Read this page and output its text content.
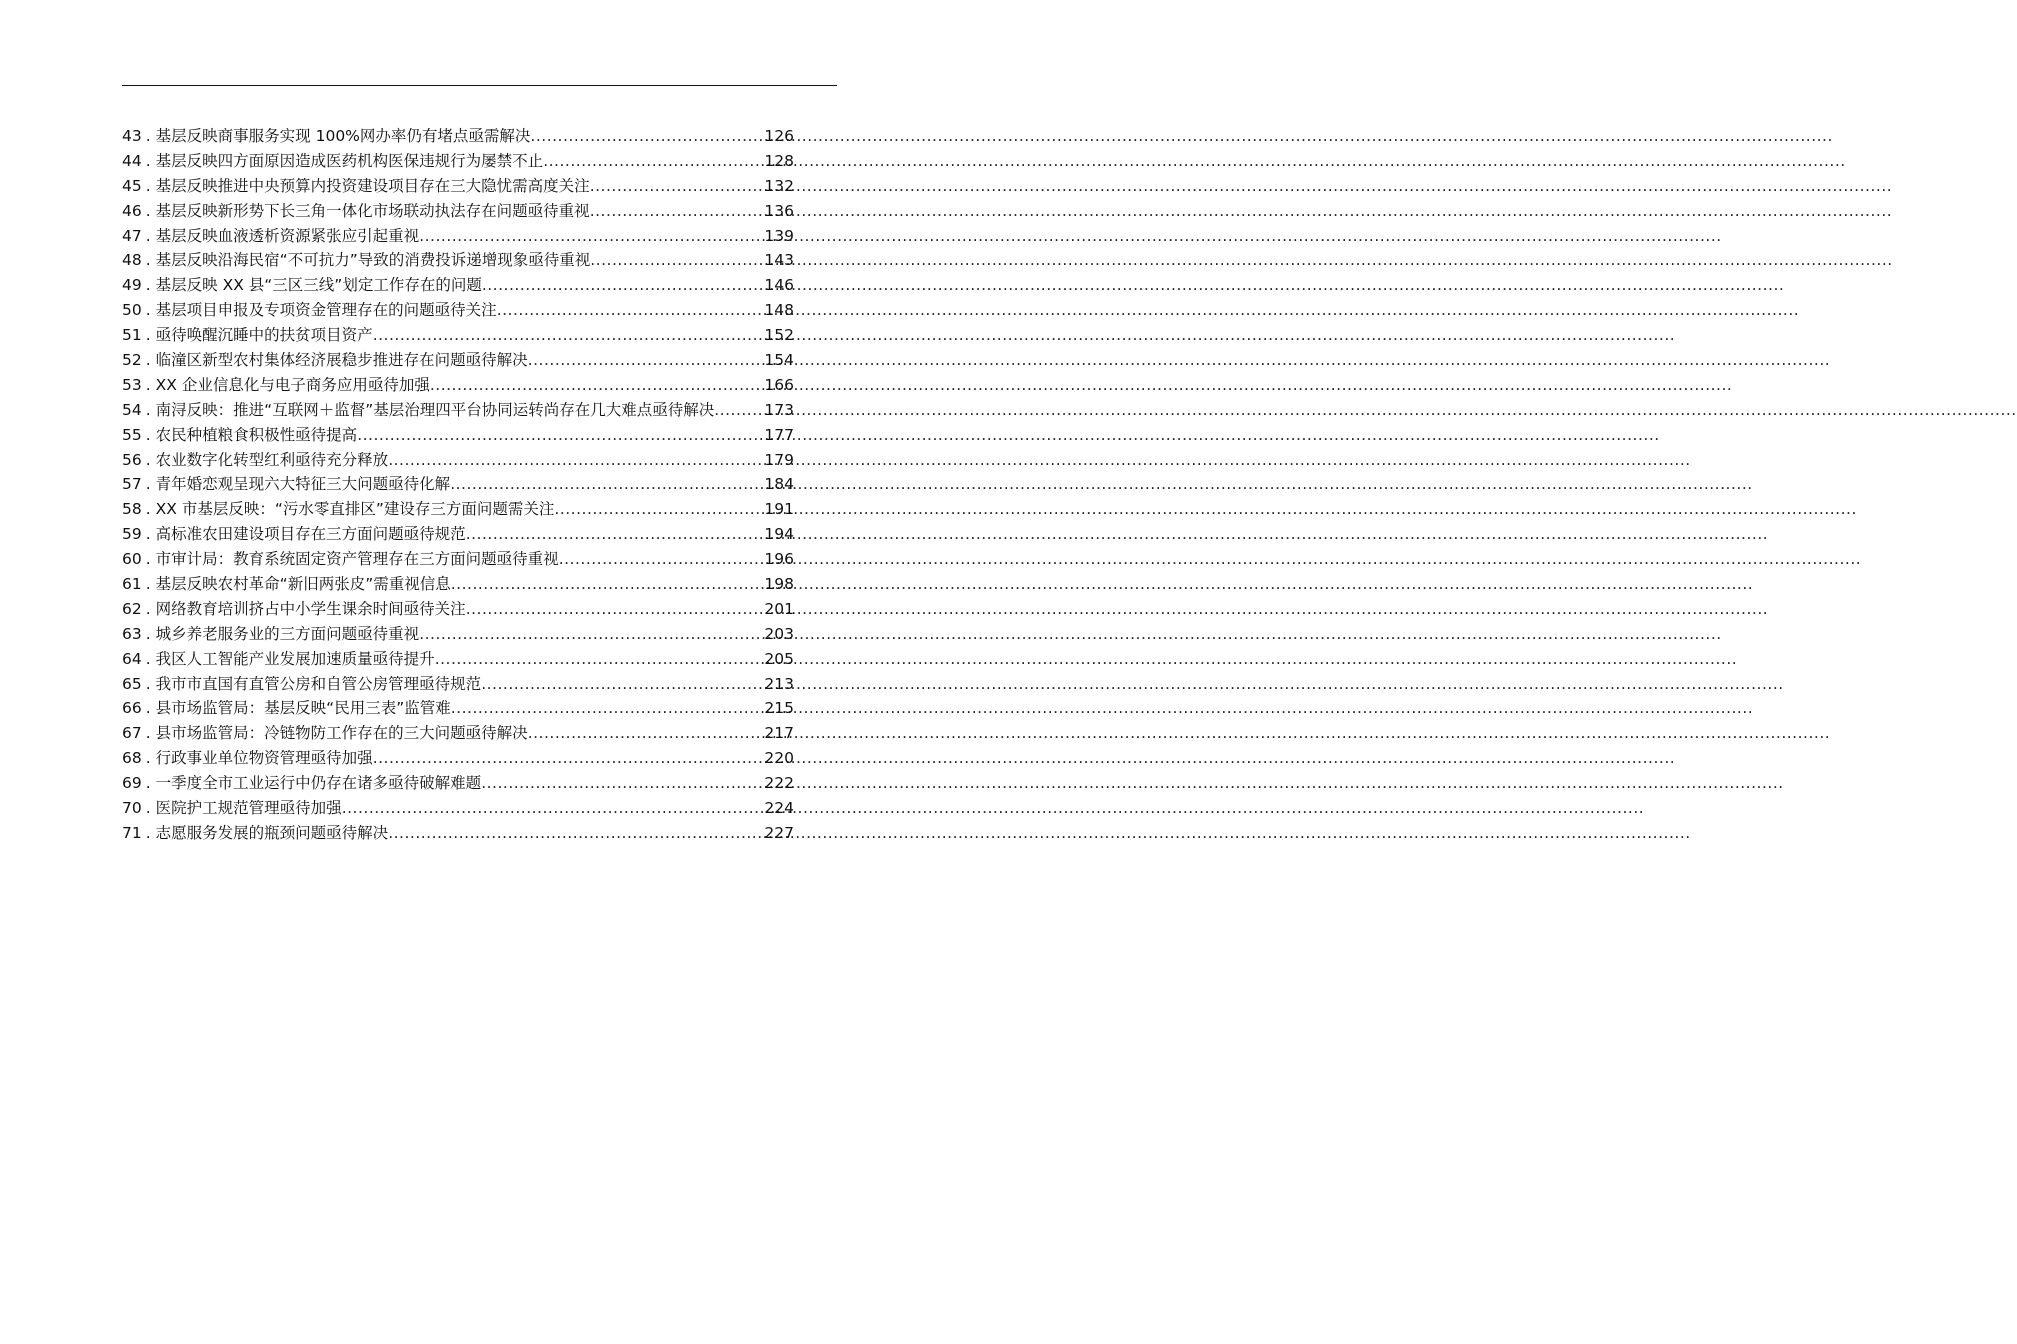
43 . 基层反映商事服务实现 100%网办率仍有堵点亟需解决 .....	126
44 . 基层反映四方面原因造成医药机构医保违规行为屡禁不止 .....	128
45 . 基层反映推进中央预算内投资建设项目存在三大隐忧需高度关注 .....	132
46 . 基层反映新形势下长三角一体化市场联动执法存在问题亟待重视 .....	136
47 . 基层反映血液透析资源紧张应引起重视 .....	139
48 . 基层反映沿海民宿“不可抗力”导致的消费投诉递增现象亟待重视 .....	143
49 . 基层反映 XX 县“三区三线”划定工作存在的问题 .....	146
50 . 基层项目申报及专项资金管理存在的问题亟待关注 .....	148
51 . 亟待唤醒沉睡中的扶贫项目资产 .....	152
52 . 临潼区新型农村集体经济展稳步推进存在问题亟待解决 .....	154
53 . XX 企业信息化与电子商务应用亟待加强 .....	166
54 . 南浔反映：推进“互联网＋监督”基层治理四平台协同运转尚存在几大难点亟待解决 .....	173
55 . 农民种植粮食积极性亟待提高 .....	177
56 . 农业数字化转型红利亟待充分释放 .....	179
57 . 青年婚恋观呈现六大特征三大问题亟待化解 .....	184
58 . XX 市基层反映：“污水零直排区”建设存三方面问题需关注 .....	191
59 . 高标准农田建设项目存在三方面问题亟待规范 .....	194
60 . 市审计局：教育系统固定资产管理存在三方面问题亟待重视 .....	196
61 . 基层反映农村革命“新旧两张皮”需重视信息 .....	198
62 . 网络教育培训挤占中小学生课余时间亟待关注 .....	201
63 . 城乡养老服务业的三方面问题亟待重视 .....	203
64 . 我区人工智能产业发展加速质量亟待提升 .....	205
65 . 我市市直国有直管公房和自管公房管理亟待规范 .....	213
66 . 县市场监管局：基层反映“民用三表”监管难 .....	215
67 . 县市场监管局：冷链物防工作存在的三大问题亟待解决 .....	217
68 . 行政事业单位物资管理亟待加强 .....	220
69 . 一季度全市工业运行中仍存在诸多亟待破解难题 .....	222
70 . 医院护工规范管理亟待加强 .....	224
71 . 志愿服务发展的瓶颈问题亟待解决 .....	227
